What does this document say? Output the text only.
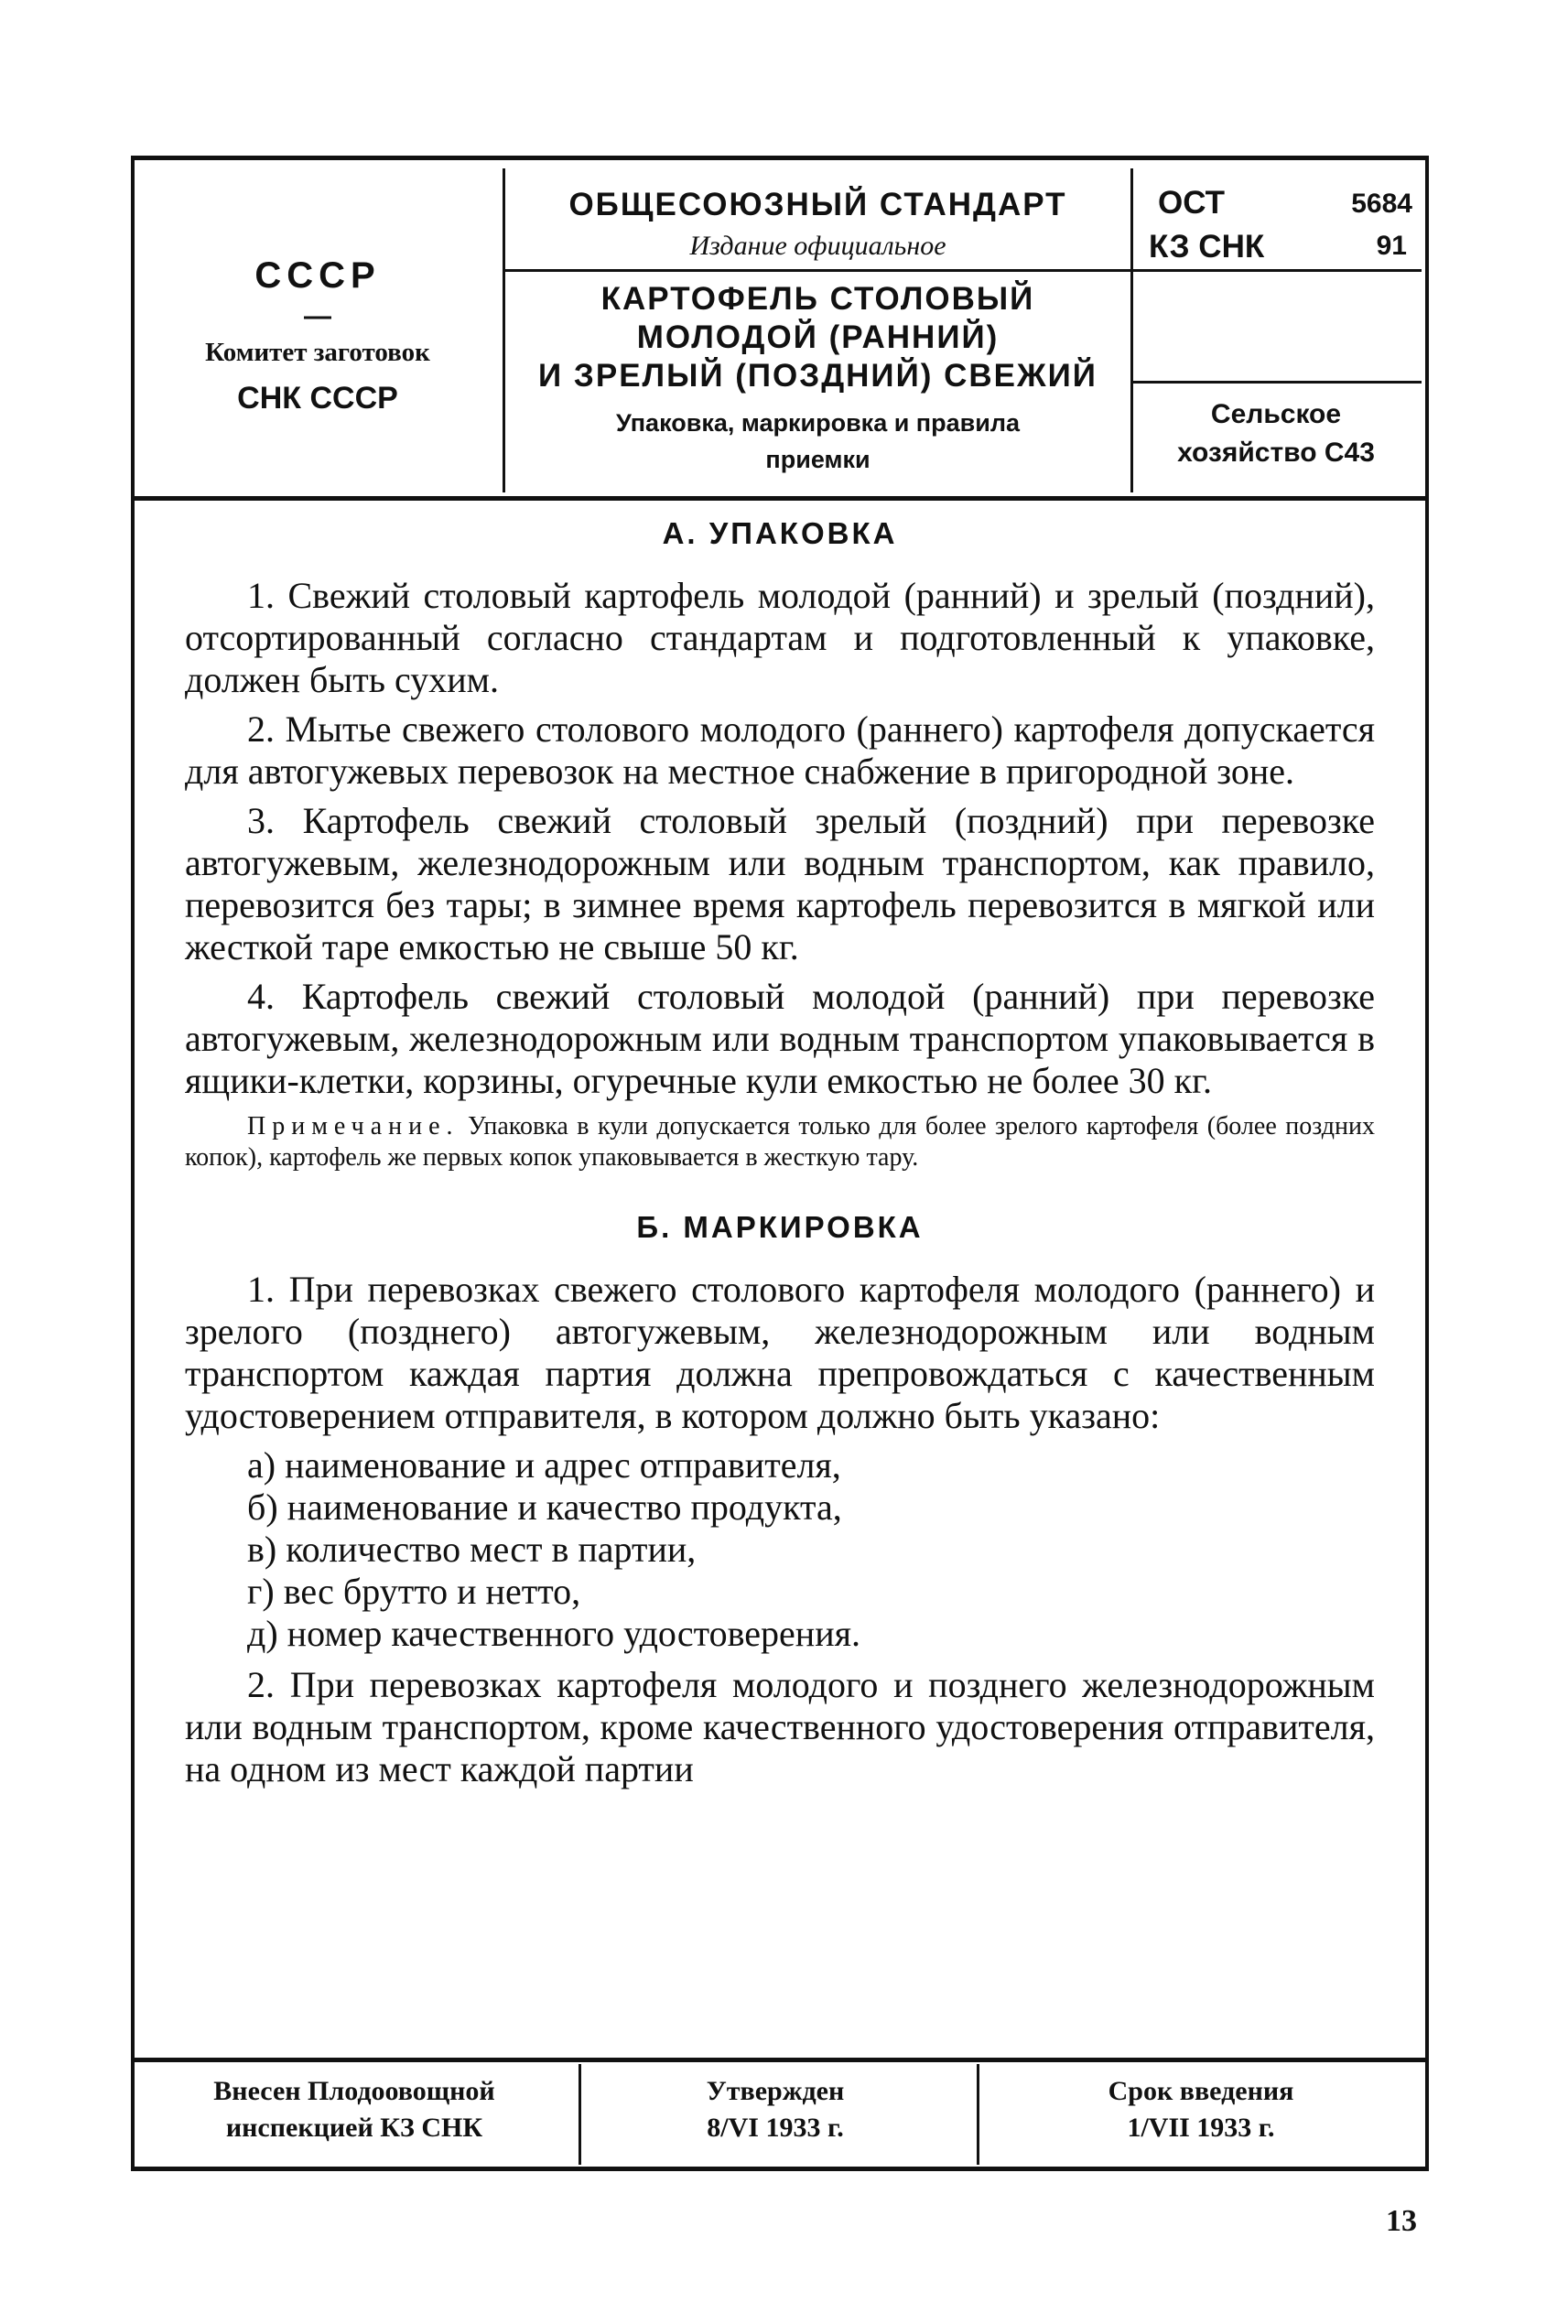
СССР
—
Комитет заготовок
СНК СССР
ОБЩЕСОЮЗНЫЙ СТАНДАРТ
Издание официальное
КАРТОФЕЛЬ СТОЛОВЫЙ
МОЛОДОЙ (РАННИЙ)
И ЗРЕЛЫЙ (ПОЗДНИЙ) СВЕЖИЙ
Упаковка, маркировка и правила
приемки
ОСТ	5684
КЗ СНК	91
Сельское
хозяйство С43
А. УПАКОВКА
1. Свежий столовый картофель молодой (ранний) и зрелый (поздний), отсортированный согласно стандартам и подготовленный к упаковке, должен быть сухим.
2. Мытье свежего столового молодого (раннего) картофеля допускается для автогужевых перевозок на местное снабжение в пригородной зоне.
3. Картофель свежий столовый зрелый (поздний) при перевозке автогужевым, железнодорожным или водным транспортом, как правило, перевозится без тары; в зимнее время картофель перевозится в мягкой или жесткой таре емкостью не свыше 50 кг.
4. Картофель свежий столовый молодой (ранний) при перевозке автогужевым, железнодорожным или водным транспортом упаковывается в ящики-клетки, корзины, огуречные кули емкостью не более 30 кг.
Примечание. Упаковка в кули допускается только для более зрелого картофеля (более поздних копок), картофель же первых копок упаковывается в жесткую тару.
Б. МАРКИРОВКА
1. При перевозках свежего столового картофеля молодого (раннего) и зрелого (позднего) автогужевым, железнодорожным или водным транспортом каждая партия должна препровождаться с качественным удостоверением отправителя, в котором должно быть указано:
а) наименование и адрес отправителя,
б) наименование и качество продукта,
в) количество мест в партии,
г) вес брутто и нетто,
д) номер качественного удостоверения.
2. При перевозках картофеля молодого и позднего железнодорожным или водным транспортом, кроме качественного удостоверения отправителя, на одном из мест каждой партии
Внесен Плодоовощной
инспекцией КЗ СНК
Утвержден
8/VI 1933 г.
Срок введения
1/VII 1933 г.
13
